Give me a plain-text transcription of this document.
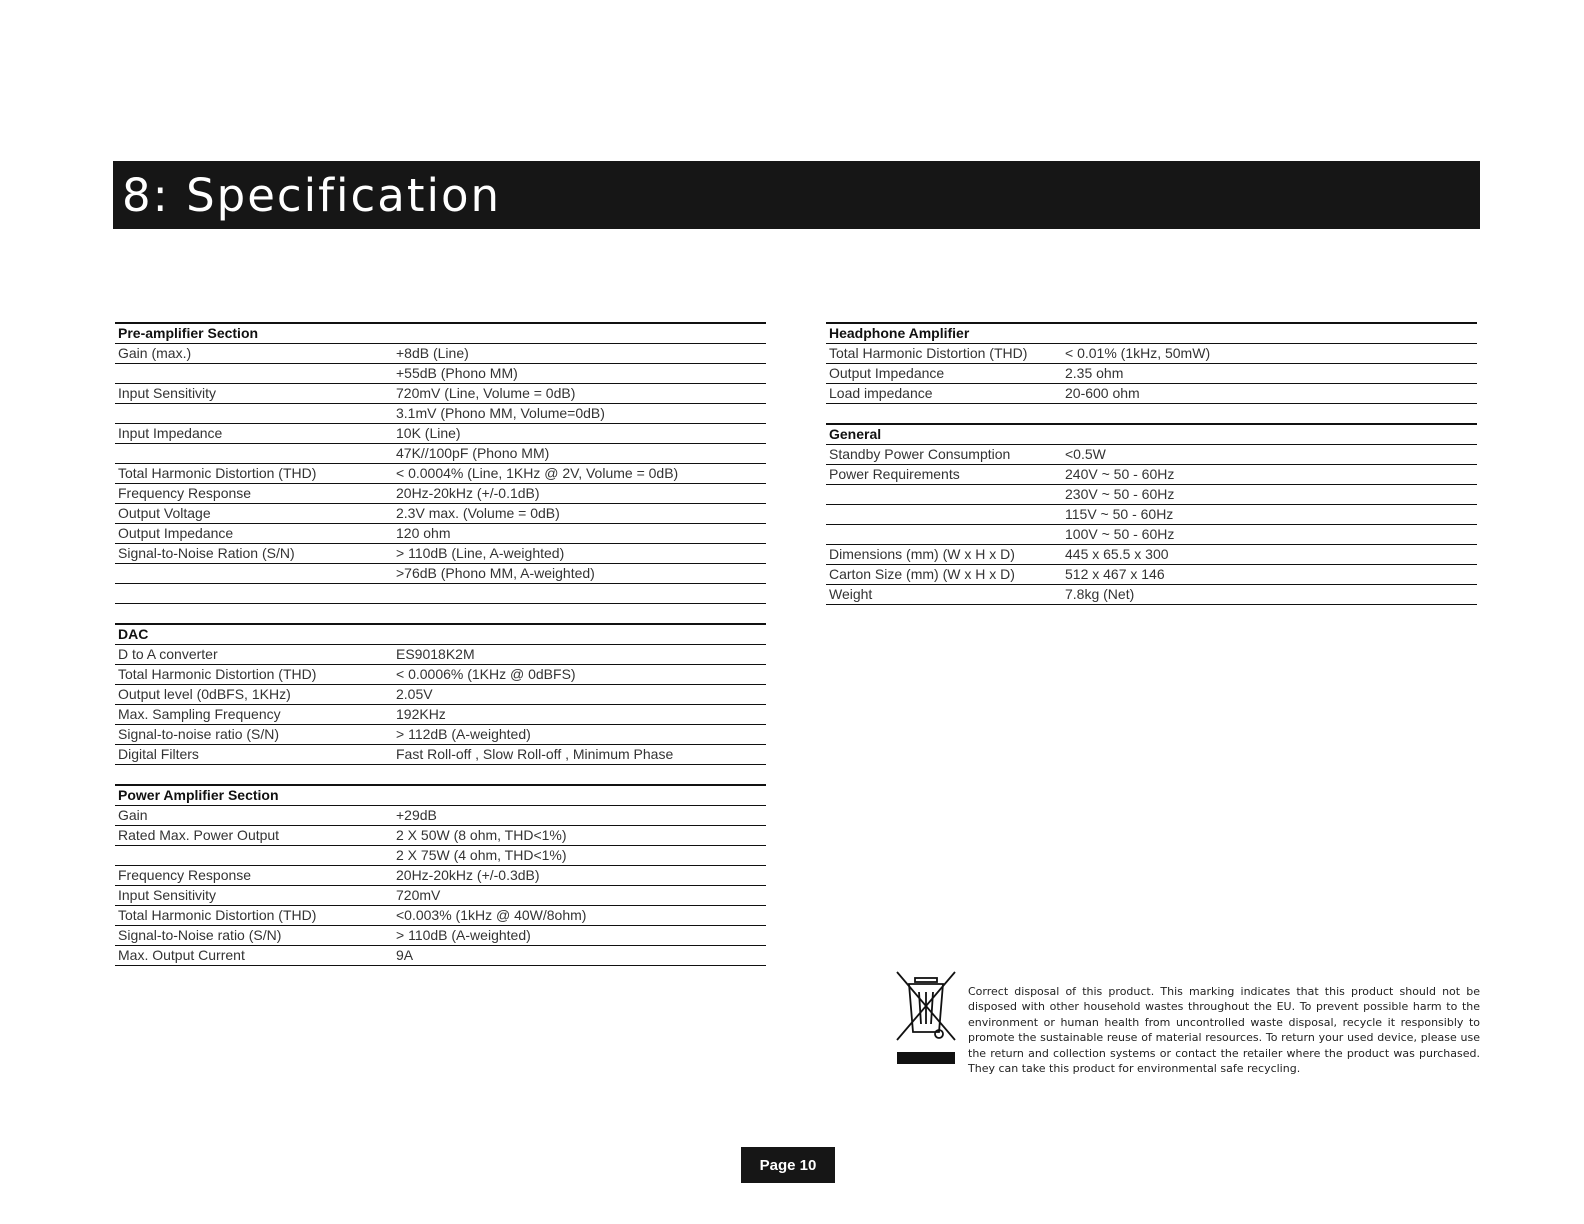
8: Specification
Pre-amplifier Section
Gain (max.)	+8dB (Line)
+55dB (Phono MM)
Input Sensitivity	720mV (Line, Volume = 0dB)
3.1mV (Phono MM, Volume=0dB)
Input Impedance	10K (Line)
47K//100pF (Phono MM)
Total Harmonic Distortion (THD)	< 0.0004% (Line, 1KHz @ 2V, Volume = 0dB)
Frequency Response	20Hz-20kHz (+/-0.1dB)
Output Voltage	2.3V max. (Volume = 0dB)
Output Impedance	120 ohm
Signal-to-Noise Ration (S/N)	> 110dB (Line, A-weighted)
>76dB (Phono MM, A-weighted)
DAC
D to A converter	ES9018K2M
Total Harmonic Distortion (THD)	< 0.0006% (1KHz @ 0dBFS)
Output level (0dBFS, 1KHz)	2.05V
Max. Sampling Frequency	192KHz
Signal-to-noise ratio (S/N)	> 112dB (A-weighted)
Digital Filters	Fast Roll-off , Slow Roll-off , Minimum Phase
Power Amplifier Section
Gain	+29dB
Rated Max. Power Output	2 X 50W (8 ohm, THD<1%)
2 X 75W (4 ohm, THD<1%)
Frequency Response	20Hz-20kHz (+/-0.3dB)
Input Sensitivity	720mV
Total Harmonic Distortion (THD)	<0.003% (1kHz @ 40W/8ohm)
Signal-to-Noise ratio (S/N)	> 110dB (A-weighted)
Max. Output Current	9A
Headphone Amplifier
Total Harmonic Distortion (THD)	< 0.01% (1kHz, 50mW)
Output Impedance	2.35 ohm
Load impedance	20-600 ohm
General
Standby Power Consumption	<0.5W
Power Requirements	240V ~ 50 - 60Hz
230V ~ 50 - 60Hz
115V ~ 50 - 60Hz
100V ~ 50 - 60Hz
Dimensions (mm) (W x H x D)	445 x 65.5 x 300
Carton Size (mm) (W x H x D)	512 x 467 x 146
Weight	7.8kg (Net)

Correct disposal of this product. This marking indicates that this product should not be disposed with other household wastes throughout the EU. To prevent possible harm to the environment or human health from uncontrolled waste disposal, recycle it responsibly to promote the sustainable reuse of material resources. To return your used device, please use the return and collection systems or contact the retailer where the product was purchased. They can take this product for environmental safe recycling.

Page 10
